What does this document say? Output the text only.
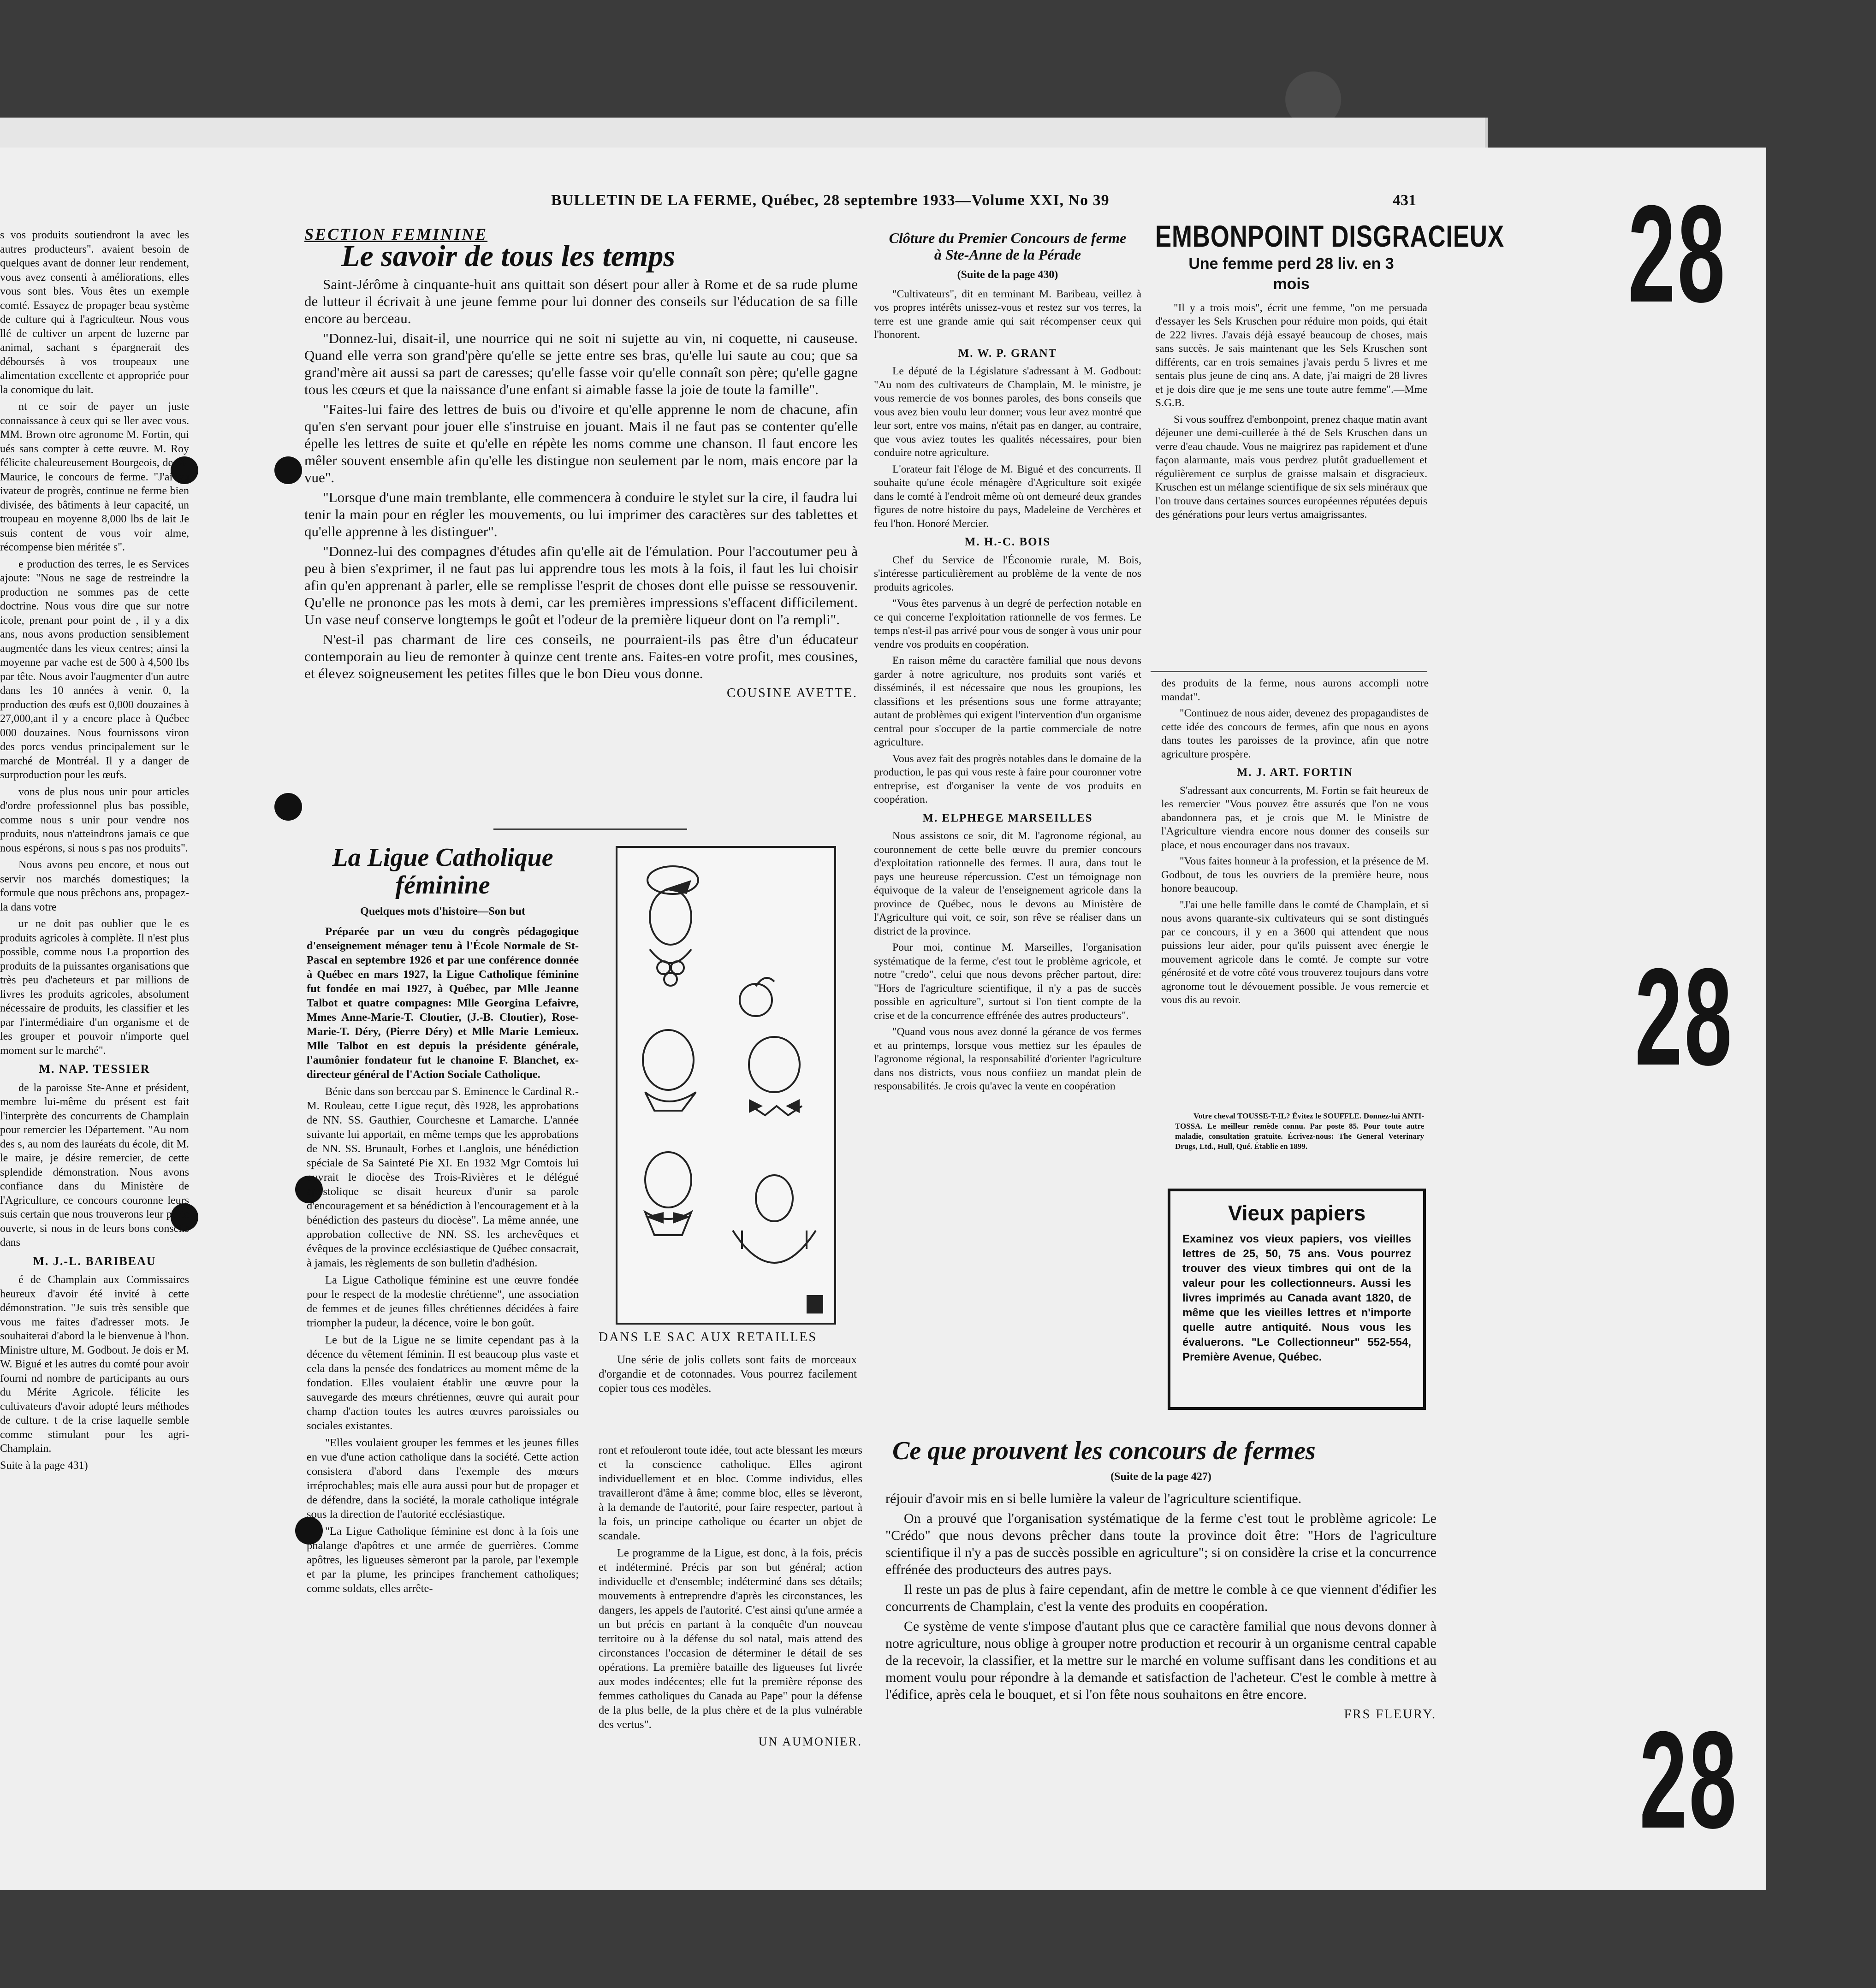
28
28
28
BULLETIN DE LA FERME, Québec, 28 septembre 1933—Volume XXI, No 39	431

s vos produits soutiendront la avec les autres producteurs". avaient besoin de quelques avant de donner leur rendement, vous avez consenti à améliorations, elles vous sont bles. Vous êtes un exemple comté. Essayez de propager beau système de culture qui à l'agriculteur. Nous vous llé de cultiver un arpent de luzerne par animal, sachant s épargnerait des déboursés à vos troupeaux une alimentation excellente et appropriée pour la conomique du lait.

nt ce soir de payer un juste connaissance à ceux qui se ller avec vous. MM. Brown otre agronome M. Fortin, qui ués sans compter à cette œuvre. M. Roy félicite chaleureusement Bourgeois, de St-Maurice, le concours de ferme. "J'ai vu ivateur de progrès, continue ne ferme bien divisée, des bâtiments à leur capacité, un troupeau en moyenne 8,000 lbs de lait Je suis content de vous voir alme, récompense bien méritée s".

e production des terres, le es Services ajoute: "Nous ne sage de restreindre la production ne sommes pas de cette doctrine. Nous vous dire que sur notre icole, prenant pour point de , il y a dix ans, nous avons production sensiblement augmentée dans les vieux centres; ainsi la moyenne par vache est de 500 à 4,500 lbs par tête. Nous avoir l'augmenter d'un autre dans les 10 années à venir. 0, la production des œufs est 0,000 douzaines à 27,000,ant il y a encore place à Québec 000 douzaines. Nous fournissons viron des porcs vendus principalement sur le marché de Montréal. Il y a danger de surproduction pour les œufs.

vons de plus nous unir pour articles d'ordre professionnel plus bas possible, comme nous s unir pour vendre nos produits, nous n'atteindrons jamais ce que nous espérons, si nous s pas nos produits".

Nous avons peu encore, et nous out servir nos marchés domestiques; la formule que nous prêchons ans, propagez-la dans votre

ur ne doit pas oublier que le es produits agricoles à complète. Il n'est plus possible, comme nous La proportion des produits de la puissantes organisations que très peu d'acheteurs et par millions de livres les produits agricoles, absolument nécessaire de produits, les classifier et les par l'intermédiaire d'un organisme et de les grouper et pouvoir n'importe quel moment sur le marché".

M. NAP. TESSIER

de la paroisse Ste-Anne et président, membre lui-même du présent est fait l'interprète des concurrents de Champlain pour remercier les Département. "Au nom des s, au nom des lauréats du école, dit M. le maire, je désire remercier, de cette splendide démonstration. Nous avons confiance dans du Ministère de l'Agriculture, ce concours couronne leurs suis certain que nous trouverons leur porte ouverte, si nous in de leurs bons conseils dans

M. J.-L. BARIBEAU

é de Champlain aux Commissaires heureux d'avoir été invité à cette démonstration. "Je suis très sensible que vous me faites d'adresser mots. Je souhaiterai d'abord la le bienvenue à l'hon. Ministre ulture, M. Godbout. Je dois er M. W. Bigué et les autres du comté pour avoir fourni nd nombre de participants au ours du Mérite Agricole. félicite les cultivateurs d'avoir adopté leurs méthodes de culture. t de la crise laquelle semble comme stimulant pour les agri-Champlain.

Suite à la page 431)

SECTION FEMININE
Le savoir de tous les temps

Saint-Jérôme à cinquante-huit ans quittait son désert pour aller à Rome et de sa rude plume de lutteur il écrivait à une jeune femme pour lui donner des conseils sur l'éducation de sa fille encore au berceau.

"Donnez-lui, disait-il, une nourrice qui ne soit ni sujette au vin, ni coquette, ni causeuse. Quand elle verra son grand'père qu'elle se jette entre ses bras, qu'elle lui saute au cou; que sa grand'mère ait aussi sa part de caresses; qu'elle fasse voir qu'elle connaît son père; qu'elle gagne tous les cœurs et que la naissance d'une enfant si aimable fasse la joie de toute la famille".

"Faites-lui faire des lettres de buis ou d'ivoire et qu'elle apprenne le nom de chacune, afin qu'en s'en servant pour jouer elle s'instruise en jouant. Mais il ne faut pas se contenter qu'elle épelle les lettres de suite et qu'elle en répète les noms comme une chanson. Il faut encore les mêler souvent ensemble afin qu'elle les distingue non seulement par le nom, mais encore par la vue".

"Lorsque d'une main tremblante, elle commencera à conduire le stylet sur la cire, il faudra lui tenir la main pour en régler les mouvements, ou lui imprimer des caractères sur des tablettes et qu'elle apprenne à les distinguer".

"Donnez-lui des compagnes d'études afin qu'elle ait de l'émulation. Pour l'accoutumer peu à peu à bien s'exprimer, il ne faut pas lui apprendre tous les mots à la fois, il faut les lui choisir afin qu'en apprenant à parler, elle se remplisse l'esprit de choses dont elle puisse se ressouvenir. Qu'elle ne prononce pas les mots à demi, car les premières impressions s'effacent difficilement. Un vase neuf conserve longtemps le goût et l'odeur de la première liqueur dont on l'a rempli".

N'est-il pas charmant de lire ces conseils, ne pourraient-ils pas être d'un éducateur contemporain au lieu de remonter à quinze cent trente ans. Faites-en votre profit, mes cousines, et élevez soigneusement les petites filles que le bon Dieu vous donne.

COUSINE AVETTE.
La Ligue Catholique féminine
Quelques mots d'histoire—Son but

Préparée par un vœu du congrès pédagogique d'enseignement ménager tenu à l'École Normale de St-Pascal en septembre 1926 et par une conférence donnée à Québec en mars 1927, la Ligue Catholique féminine fut fondée en mai 1927, à Québec, par Mlle Jeanne Talbot et quatre compagnes: Mlle Georgina Lefaivre, Mmes Anne-Marie-T. Cloutier, (J.-B. Cloutier), Rose-Marie-T. Déry, (Pierre Déry) et Mlle Marie Lemieux. Mlle Talbot en est depuis la présidente générale, l'aumônier fondateur fut le chanoine F. Blanchet, ex-directeur général de l'Action Sociale Catholique.

Bénie dans son berceau par S. Eminence le Cardinal R.-M. Rouleau, cette Ligue reçut, dès 1928, les approbations de NN. SS. Gauthier, Courchesne et Lamarche. L'année suivante lui apportait, en même temps que les approbations de NN. SS. Brunault, Forbes et Langlois, une bénédiction spéciale de Sa Sainteté Pie XI. En 1932 Mgr Comtois lui ouvrait le diocèse des Trois-Rivières et le délégué apostolique se disait heureux d'unir sa parole d'encouragement et sa bénédiction à l'encouragement et à la bénédiction des pasteurs du diocèse". La même année, une approbation collective de NN. SS. les archevêques et évêques de la province ecclésiastique de Québec consacrait, à jamais, les règlements de son bulletin d'adhésion.

La Ligue Catholique féminine est une œuvre fondée pour le respect de la modestie chrétienne", une association de femmes et de jeunes filles chrétiennes décidées à faire triompher la pudeur, la décence, voire le bon goût.

Le but de la Ligue ne se limite cependant pas à la décence du vêtement féminin. Il est beaucoup plus vaste et cela dans la pensée des fondatrices au moment même de la fondation. Elles voulaient établir une œuvre pour la sauvegarde des mœurs chrétiennes, œuvre qui aurait pour champ d'action toutes les autres œuvres paroissiales ou sociales existantes.

"Elles voulaient grouper les femmes et les jeunes filles en vue d'une action catholique dans la société. Cette action consistera d'abord dans l'exemple des mœurs irréprochables; mais elle aura aussi pour but de propager et de défendre, dans la société, la morale catholique intégrale sous la direction de l'autorité ecclésiastique.

"La Ligue Catholique féminine est donc à la fois une phalange d'apôtres et une armée de guerrières. Comme apôtres, les ligueuses sèmeront par la parole, par l'exemple et par la plume, les principes franchement catholiques; comme soldats, elles arrête-

DANS LE SAC AUX RETAILLES

Une série de jolis collets sont faits de morceaux d'organdie et de cotonnades. Vous pourrez facilement copier tous ces modèles.

ront et refouleront toute idée, tout acte blessant les mœurs et la conscience catholique. Elles agiront individuellement et en bloc. Comme individus, elles travailleront d'âme à âme; comme bloc, elles se lèveront, à la demande de l'autorité, pour faire respecter, partout à la fois, un principe catholique ou écarter un objet de scandale.

Le programme de la Ligue, est donc, à la fois, précis et indéterminé. Précis par son but général; action individuelle et d'ensemble; indéterminé dans ses détails; mouvements à entreprendre d'après les circonstances, les dangers, les appels de l'autorité. C'est ainsi qu'une armée a un but précis en partant à la conquête d'un nouveau territoire ou à la défense du sol natal, mais attend des circonstances l'occasion de déterminer le détail de ses opérations. La première bataille des ligueuses fut livrée aux modes indécentes; elle fut la première réponse des femmes catholiques du Canada au Pape" pour la défense de la plus belle, de la plus chère et de la plus vulnérable des vertus".

UN AUMONIER.
Clôture du Premier Concours de ferme à Ste-Anne de la Pérade
(Suite de la page 430)

"Cultivateurs", dit en terminant M. Baribeau, veillez à vos propres intérêts unissez-vous et restez sur vos terres, la terre est une grande amie qui sait récompenser ceux qui l'honorent.

M. W. P. GRANT

Le député de la Législature s'adressant à M. Godbout: "Au nom des cultivateurs de Champlain, M. le ministre, je vous remercie de vos bonnes paroles, des bons conseils que vous avez bien voulu leur donner; vous leur avez montré que leur sort, entre vos mains, n'était pas en danger, au contraire, que vous aviez toutes les qualités nécessaires, pour bien conduire notre agriculture.

L'orateur fait l'éloge de M. Bigué et des concurrents. Il souhaite qu'une école ménagère d'Agriculture soit exigée dans le comté à l'endroit même où ont demeuré deux grandes figures de notre histoire du pays, Madeleine de Verchères et feu l'hon. Honoré Mercier.

M. H.-C. BOIS

Chef du Service de l'Économie rurale, M. Bois, s'intéresse particulièrement au problème de la vente de nos produits agricoles.

"Vous êtes parvenus à un degré de perfection notable en ce qui concerne l'exploitation rationnelle de vos fermes. Le temps n'est-il pas arrivé pour vous de songer à vous unir pour vendre vos produits en coopération.

En raison même du caractère familial que nous devons garder à notre agriculture, nos produits sont variés et disséminés, il est nécessaire que nous les groupions, les classifions et les présentions sous une forme attrayante; autant de problèmes qui exigent l'intervention d'un organisme central pour s'occuper de la partie commerciale de notre agriculture.

Vous avez fait des progrès notables dans le domaine de la production, le pas qui vous reste à faire pour couronner votre entreprise, est d'organiser la vente de vos produits en coopération.

M. ELPHEGE MARSEILLES

Nous assistons ce soir, dit M. l'agronome régional, au couronnement de cette belle œuvre du premier concours d'exploitation rationnelle des fermes. Il aura, dans tout le pays une heureuse répercussion. C'est un témoignage non équivoque de la valeur de l'enseignement agricole dans la province de Québec, nous le devons au Ministère de l'Agriculture qui voit, ce soir, son rêve se réaliser dans un district de la province.

Pour moi, continue M. Marseilles, l'organisation systématique de la ferme, c'est tout le problème agricole, et notre "credo", celui que nous devons prêcher partout, dire: "Hors de l'agriculture scientifique, il n'y a pas de succès possible en agriculture", surtout si l'on tient compte de la crise et de la concurrence effrénée des autres producteurs".

"Quand vous nous avez donné la gérance de vos fermes et au printemps, lorsque vous mettiez sur les épaules de l'agronome régional, la responsabilité d'orienter l'agriculture dans nos districts, vous nous confiiez un mandat plein de responsabilités. Je crois qu'avec la vente en coopération

EMBONPOINT DISGRACIEUX
Une femme perd 28 liv. en 3 mois

"Il y a trois mois", écrit une femme, "on me persuada d'essayer les Sels Kruschen pour réduire mon poids, qui était de 222 livres. J'avais déjà essayé beaucoup de choses, mais sans succès. Je sais maintenant que les Sels Kruschen sont différents, car en trois semaines j'avais perdu 5 livres et me sentais plus jeune de cinq ans. A date, j'ai maigri de 28 livres et je dois dire que je me sens une toute autre femme".—Mme S.G.B.

Si vous souffrez d'embonpoint, prenez chaque matin avant déjeuner une demi-cuillerée à thé de Sels Kruschen dans un verre d'eau chaude. Vous ne maigrirez pas rapidement et d'une façon alarmante, mais vous perdrez plutôt graduellement et régulièrement ce surplus de graisse malsain et disgracieux. Kruschen est un mélange scientifique de six sels minéraux que l'on trouve dans certaines sources européennes réputées depuis des générations pour leurs vertus amaigrissantes.

des produits de la ferme, nous aurons accompli notre mandat".

"Continuez de nous aider, devenez des propagandistes de cette idée des concours de fermes, afin que nous en ayons dans toutes les paroisses de la province, afin que notre agriculture prospère.

M. J. ART. FORTIN

S'adressant aux concurrents, M. Fortin se fait heureux de les remercier "Vous pouvez être assurés que l'on ne vous abandonnera pas, et je crois que M. le Ministre de l'Agriculture viendra encore nous donner des conseils sur place, et nous encourager dans nos travaux.

"Vous faites honneur à la profession, et la présence de M. Godbout, de tous les ouvriers de la première heure, nous honore beaucoup.

"J'ai une belle famille dans le comté de Champlain, et si nous avons quarante-six cultivateurs qui se sont distingués par ce concours, il y en a 3600 qui attendent que nous puissions leur aider, pour qu'ils puissent avec énergie le mouvement agricole dans le comté. Je compte sur votre générosité et de votre côté vous trouverez toujours dans votre agronome tout le dévouement possible. Je vous remercie et vous dis au revoir.

Votre cheval TOUSSE-T-IL? Évitez le SOUFFLE. Donnez-lui ANTI-TOSSA. Le meilleur remède connu. Par poste 85. Pour toute autre maladie, consultation gratuite. Écrivez-nous: The General Veterinary Drugs, Ltd., Hull, Qué. Établie en 1899.

Vieux papiers
Examinez vos vieux papiers, vos vieilles lettres de 25, 50, 75 ans. Vous pourrez trouver des vieux timbres qui ont de la valeur pour les collectionneurs. Aussi les livres imprimés au Canada avant 1820, de même que les vieilles lettres et n'importe quelle autre antiquité. Nous vous les évaluerons. "Le Collectionneur" 552-554, Première Avenue, Québec.
Ce que prouvent les concours de fermes
(Suite de la page 427)

réjouir d'avoir mis en si belle lumière la valeur de l'agriculture scientifique.

On a prouvé que l'organisation systématique de la ferme c'est tout le problème agricole: Le "Crédo" que nous devons prêcher dans toute la province doit être: "Hors de l'agriculture scientifique il n'y a pas de succès possible en agriculture"; si on considère la crise et la concurrence effrénée des producteurs des autres pays.

Il reste un pas de plus à faire cependant, afin de mettre le comble à ce que viennent d'édifier les concurrents de Champlain, c'est la vente des produits en coopération.

Ce système de vente s'impose d'autant plus que ce caractère familial que nous devons donner à notre agriculture, nous oblige à grouper notre production et recourir à un organisme central capable de la recevoir, la classifier, et la mettre sur le marché en volume suffisant dans les conditions et au moment voulu pour répondre à la demande et satisfaction de l'acheteur. C'est le comble à mettre à l'édifice, après cela le bouquet, et si l'on fête nous souhaitons en être encore.

FRS FLEURY.
